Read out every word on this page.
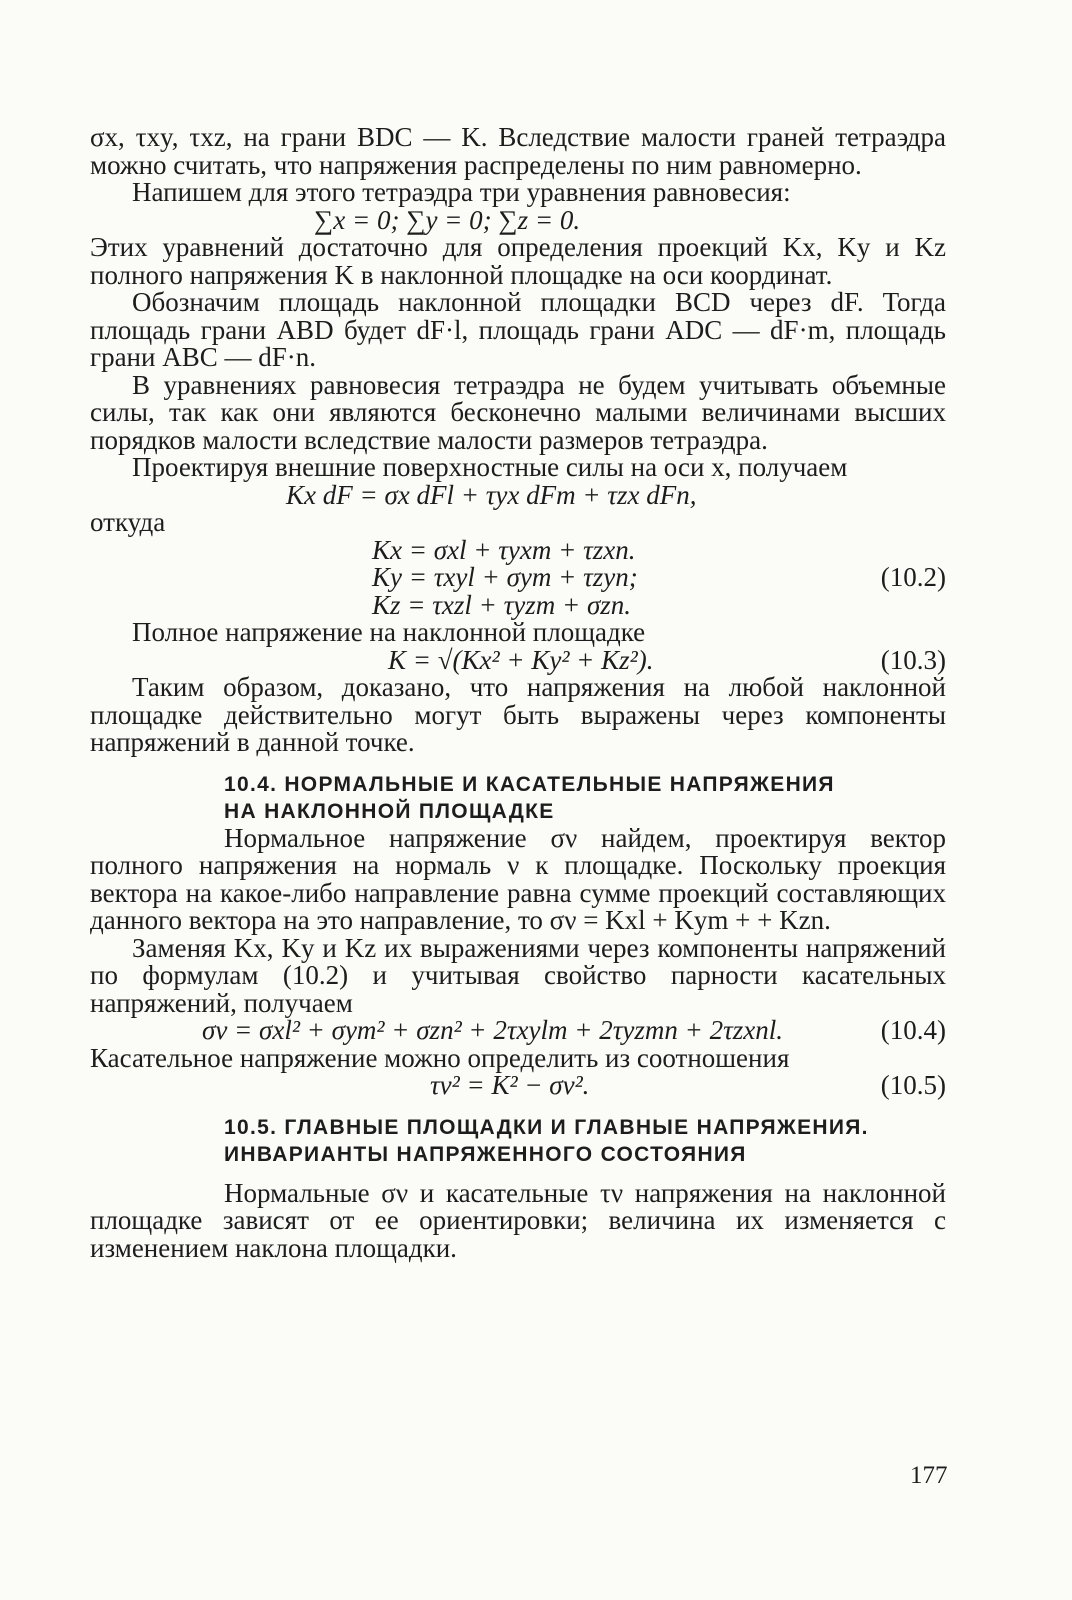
σx, τxy, τxz, на грани BDC — K. Вследствие малости граней тетраэдра можно считать, что напряжения распределены по ним равномерно.

Напишем для этого тетраэдра три уравнения равновесия:

∑x = 0; ∑y = 0; ∑z = 0.

Этих уравнений достаточно для определения проекций Kx, Ky и Kz полного напряжения K в наклонной площадке на оси координат.

Обозначим площадь наклонной площадки BCD через dF. Тогда площадь грани ABD будет dF·l, площадь грани ADC — dF·m, площадь грани ABC — dF·n.

В уравнениях равновесия тетраэдра не будем учитывать объемные силы, так как они являются бесконечно малыми величинами высших порядков малости вследствие малости размеров тетраэдра.

Проектируя внешние поверхностные силы на оси x, получаем

Kx dF = σx dFl + τyx dFm + τzx dFn,
откуда
Kx = σxl + τyxm + τzxn.
Ky = τxyl + σym + τzyn;	(10.2)
Kz = τxzl + τyzm + σzn.

Полное напряжение на наклонной площадке

K = √(Kx² + Ky² + Kz²).	(10.3)

Таким образом, доказано, что напряжения на любой наклонной площадке действительно могут быть выражены через компоненты напряжений в данной точке.

10.4. НОРМАЛЬНЫЕ И КАСАТЕЛЬНЫЕ НАПРЯЖЕНИЯ
НА НАКЛОННОЙ ПЛОЩАДКЕ

Нормальное напряжение σν найдем, проектируя вектор полного напряжения на нормаль ν к площадке. Поскольку проекция вектора на какое-либо направление равна сумме проекций составляющих данного вектора на это направление, то σν = Kxl + Kym + + Kzn.

Заменяя Kx, Ky и Kz их выражениями через компоненты напряжений по формулам (10.2) и учитывая свойство парности касательных напряжений, получаем

σν = σxl² + σym² + σzn² + 2τxylm + 2τyzmn + 2τzxnl.	(10.4)

Касательное напряжение можно определить из соотношения

τν² = K² − σν².	(10.5)
10.5. ГЛАВНЫЕ ПЛОЩАДКИ И ГЛАВНЫЕ НАПРЯЖЕНИЯ.
ИНВАРИАНТЫ НАПРЯЖЕННОГО СОСТОЯНИЯ

Нормальные σν и касательные τν напряжения на наклонной площадке зависят от ее ориентировки; величина их изменяется с изменением наклона площадки.

177
